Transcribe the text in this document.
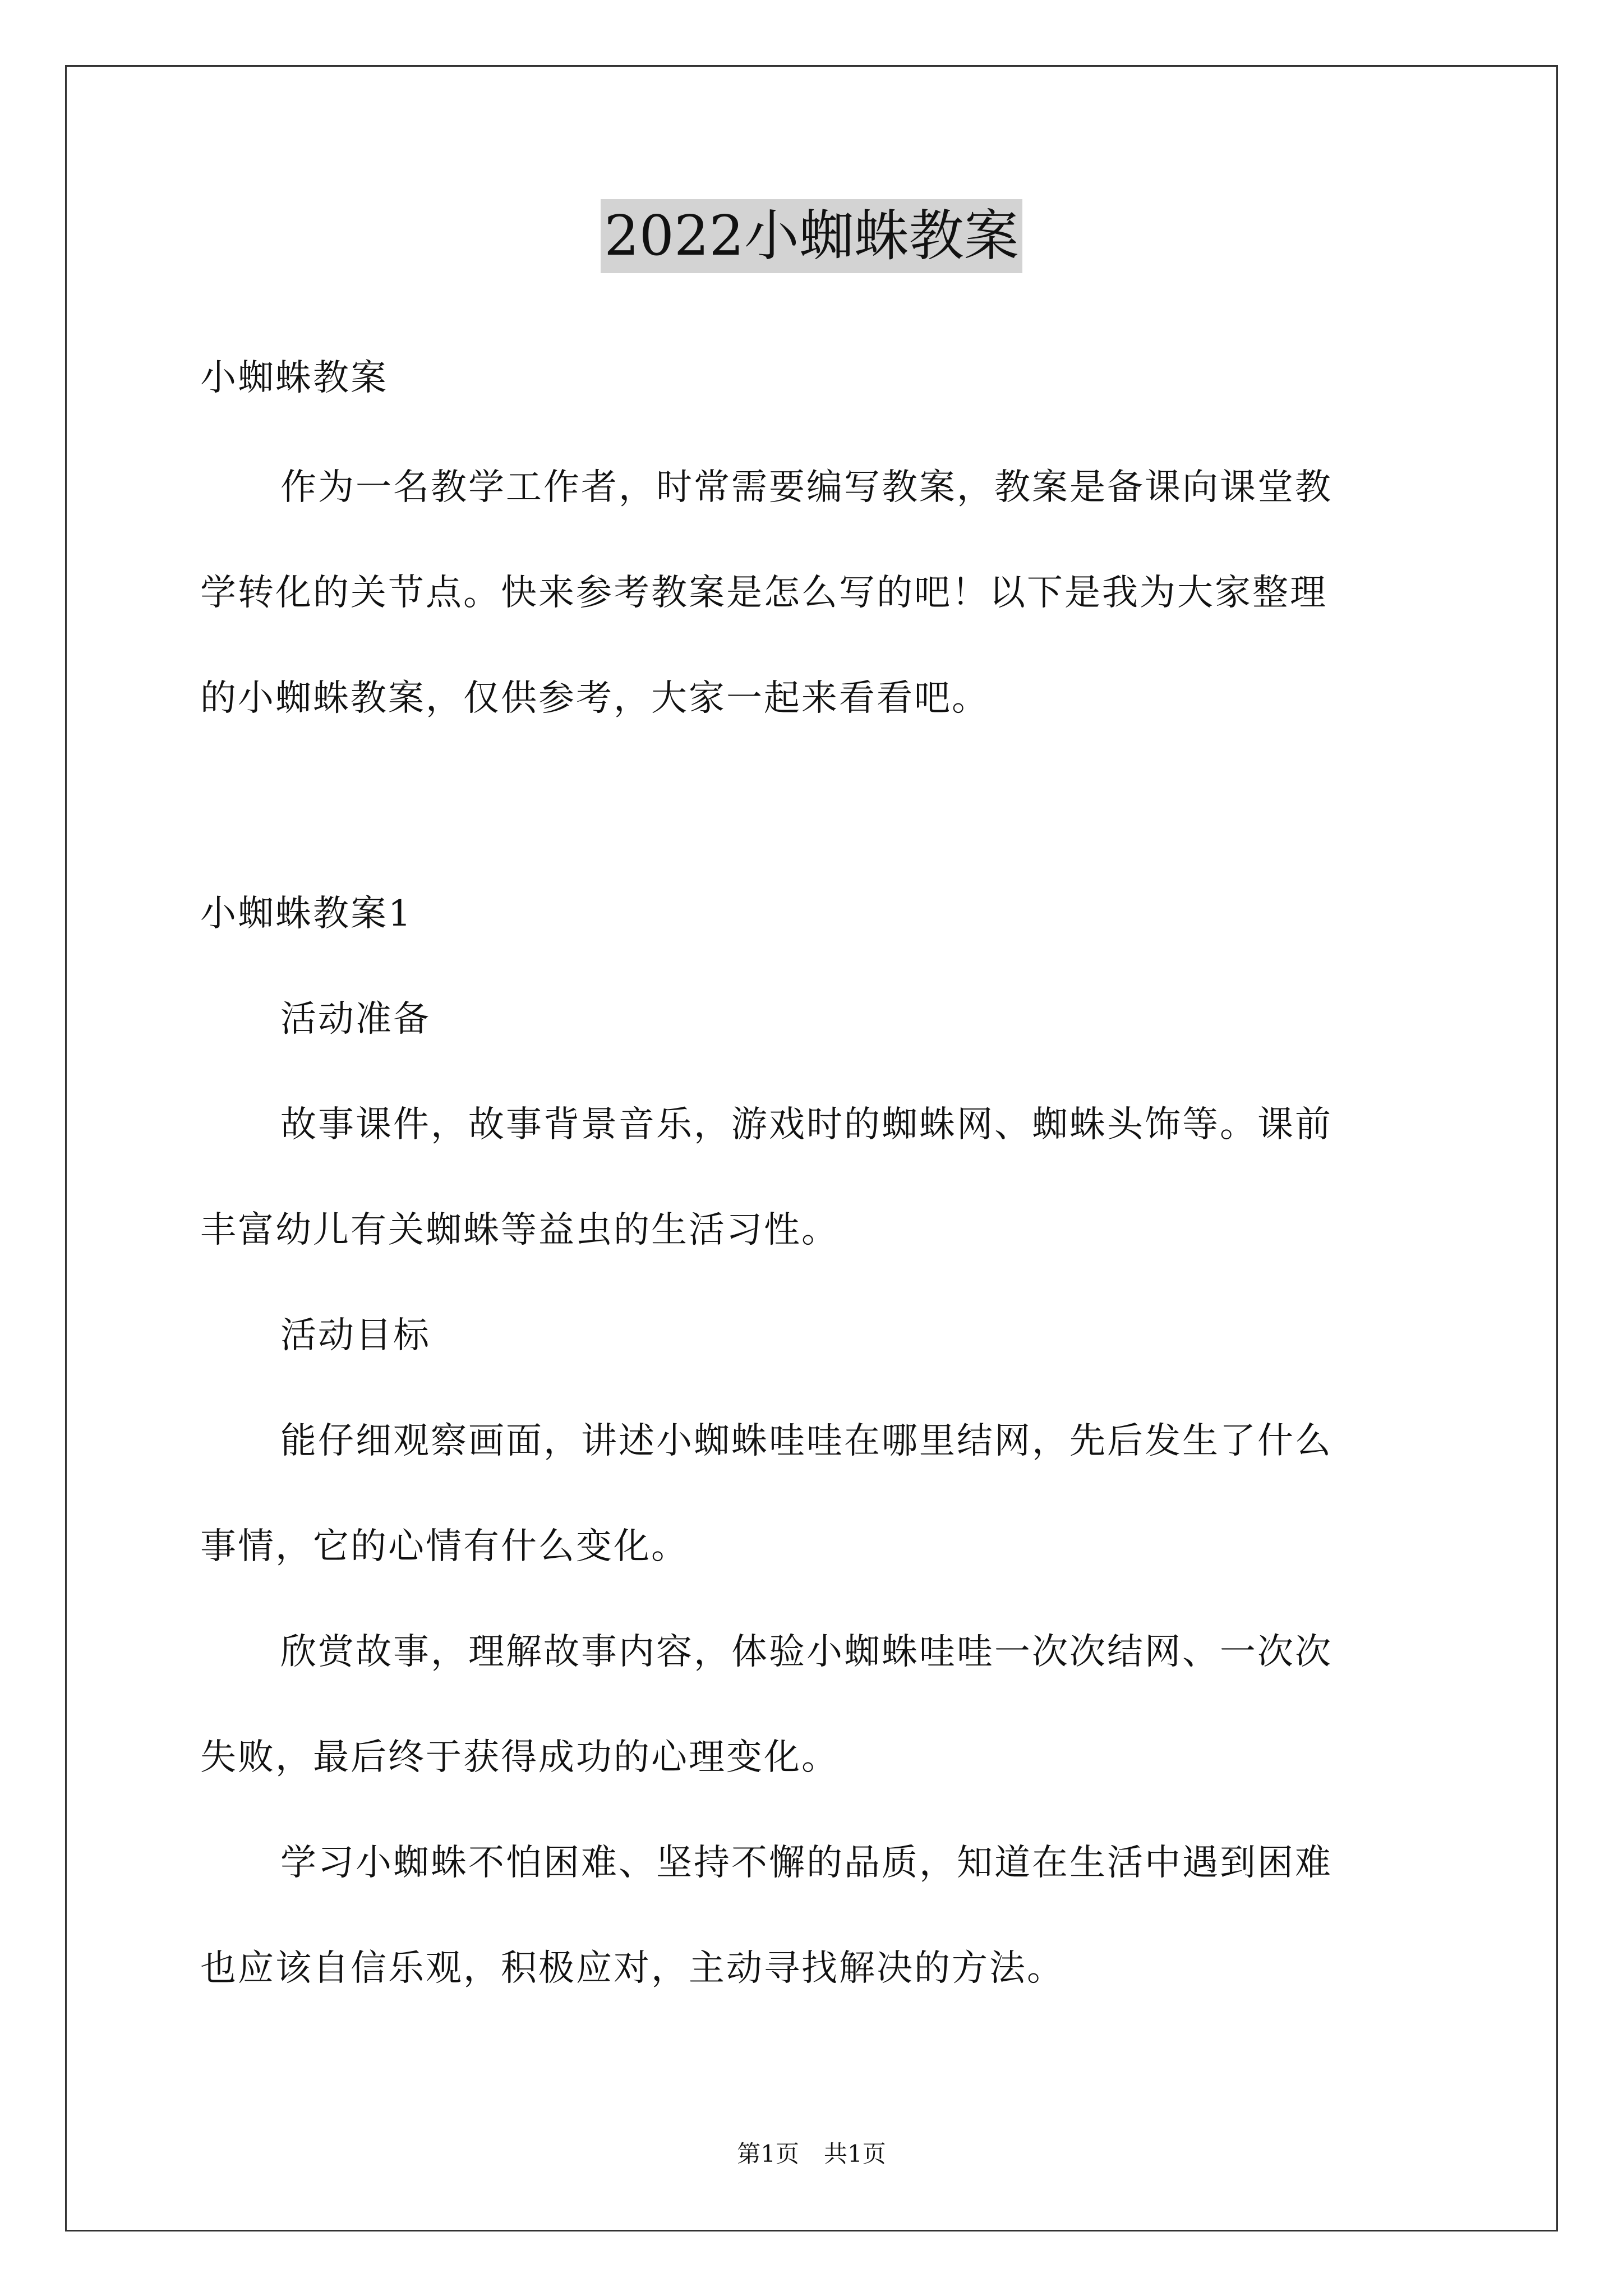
2022小蜘蛛教案

小蜘蛛教案

作为一名教学工作者，时常需要编写教案，教案是备课向课堂教

学转化的关节点。快来参考教案是怎么写的吧！以下是我为大家整理

的小蜘蛛教案，仅供参考，大家一起来看看吧。

小蜘蛛教案1

活动准备

故事课件，故事背景音乐，游戏时的蜘蛛网、蜘蛛头饰等。课前

丰富幼儿有关蜘蛛等益虫的生活习性。

活动目标

能仔细观察画面，讲述小蜘蛛哇哇在哪里结网，先后发生了什么

事情，它的心情有什么变化。

欣赏故事，理解故事内容，体验小蜘蛛哇哇一次次结网、一次次

失败，最后终于获得成功的心理变化。

学习小蜘蛛不怕困难、坚持不懈的品质，知道在生活中遇到困难

也应该自信乐观，积极应对，主动寻找解决的方法。

第1页 共1页
